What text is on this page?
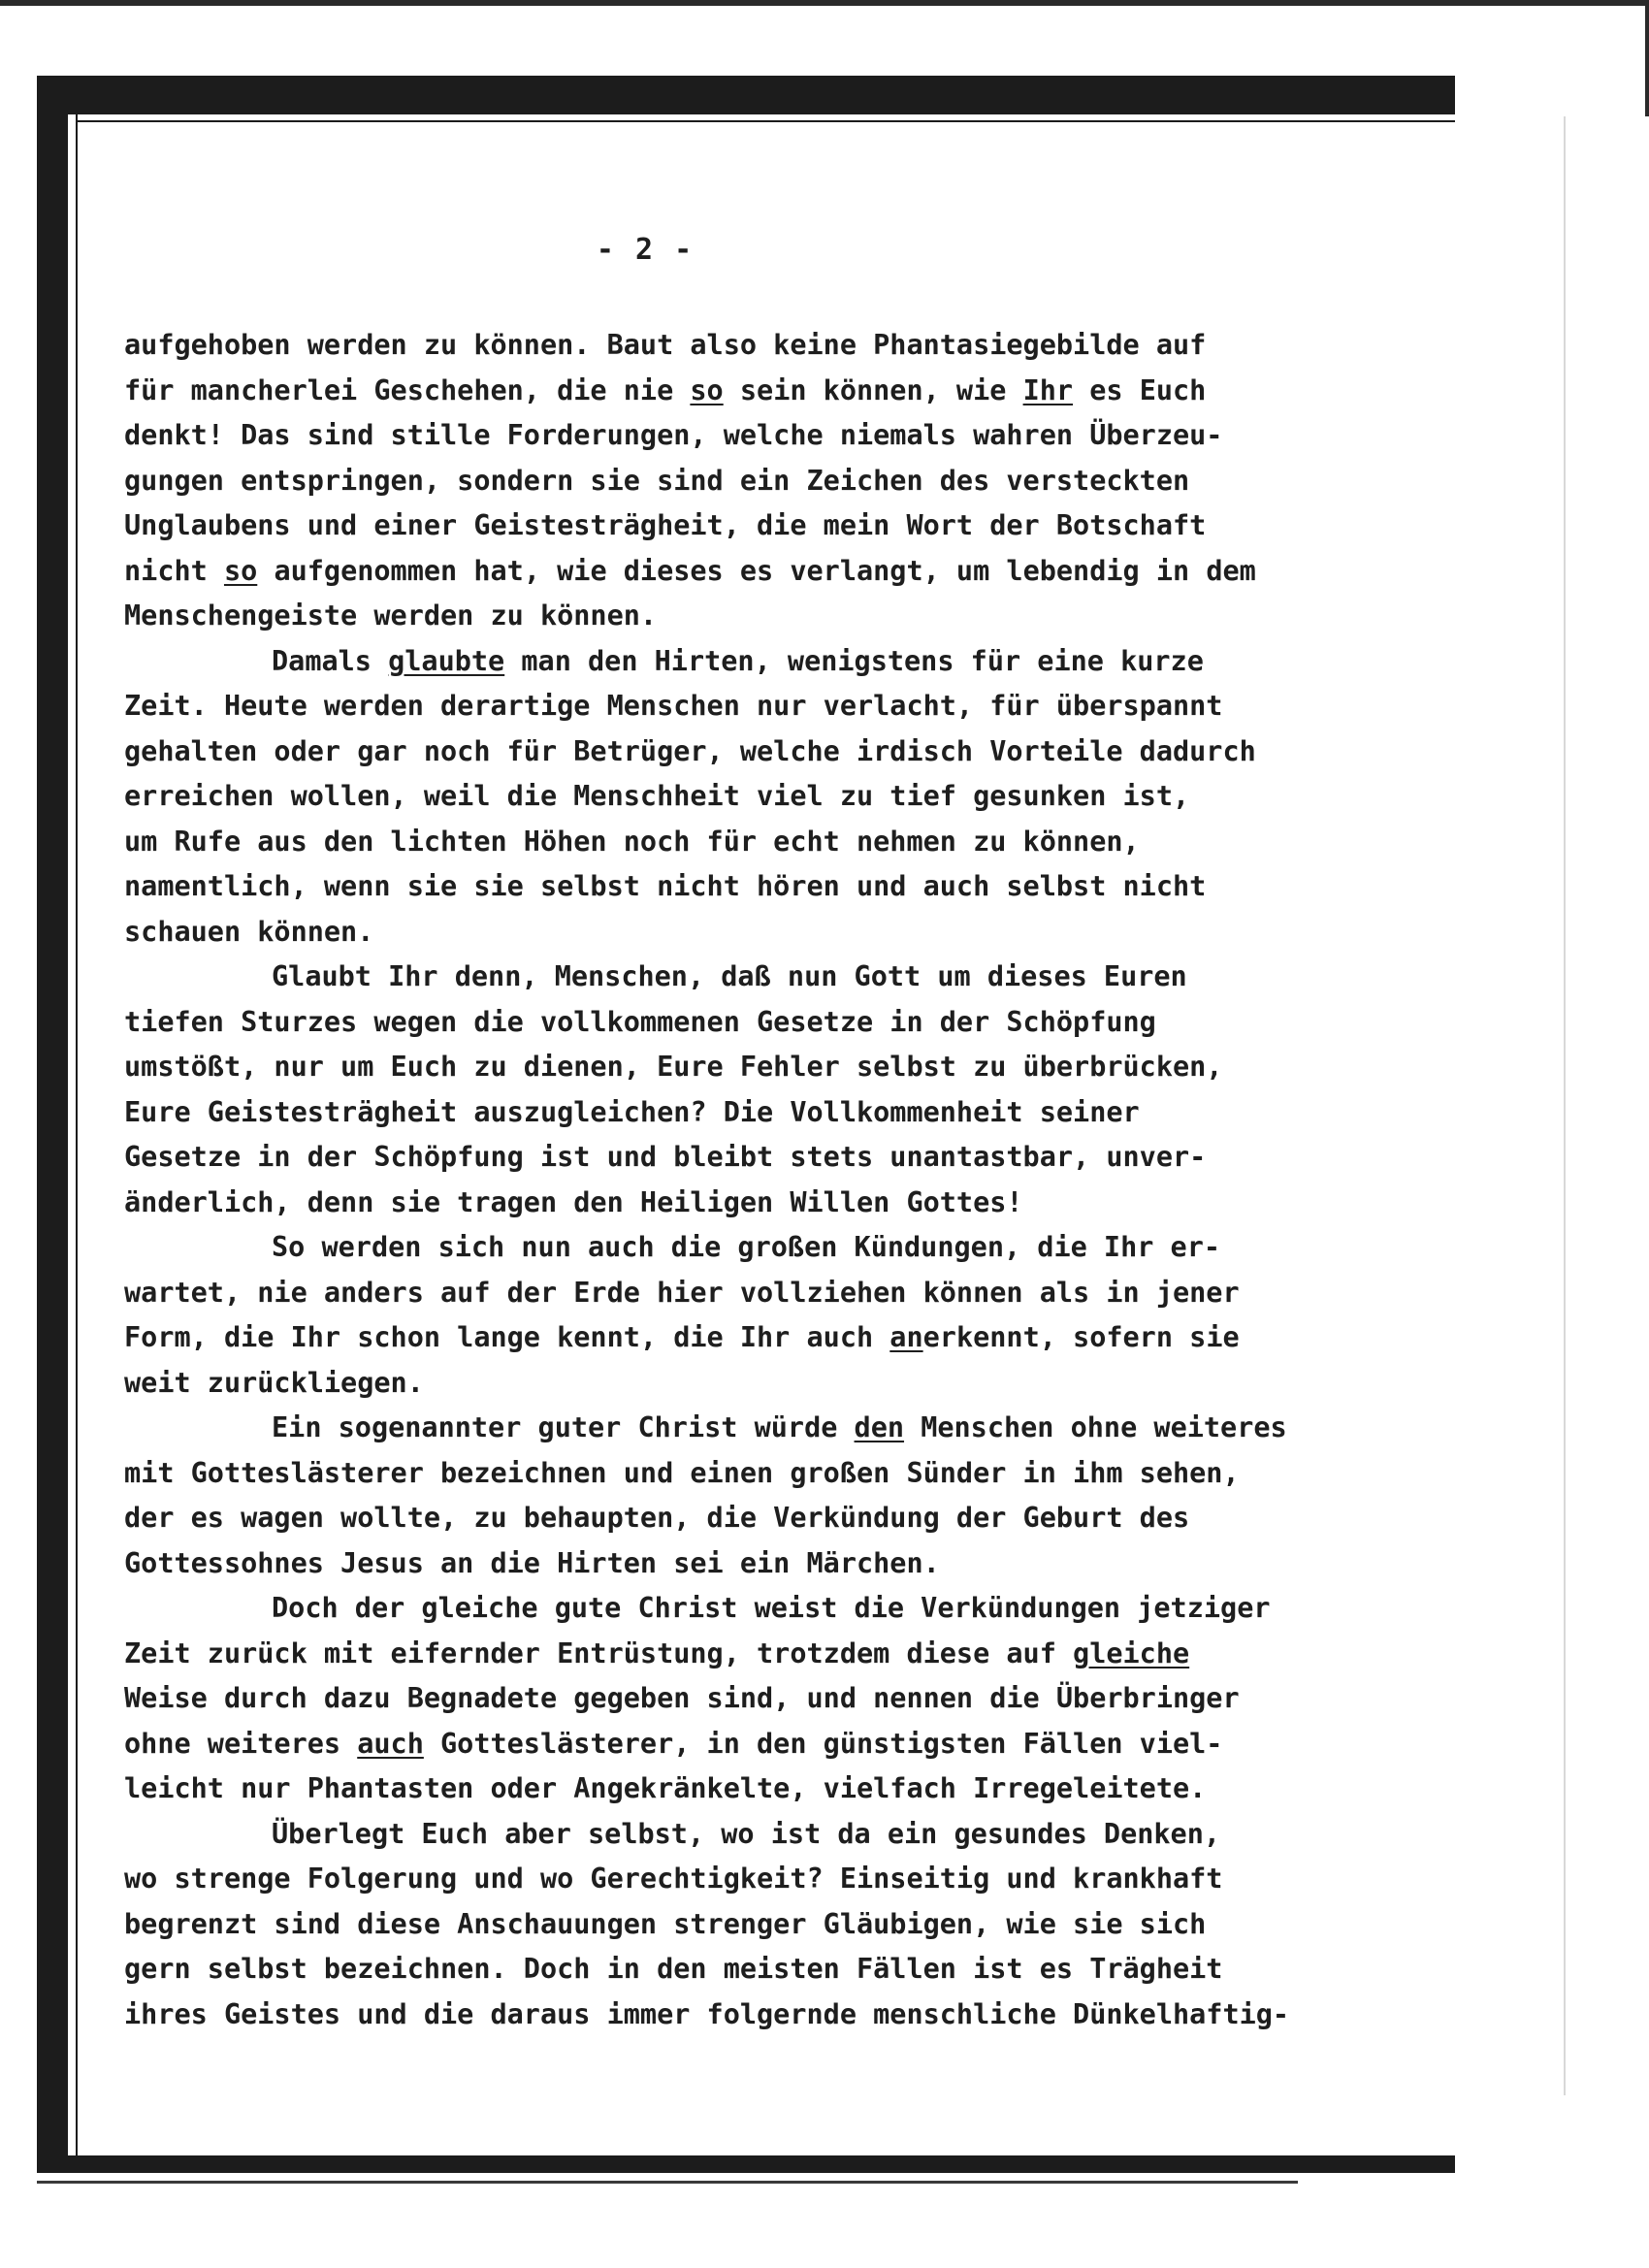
- 2 -
aufgehoben werden zu können. Baut also keine Phantasiegebilde auf
für mancherlei Geschehen, die nie so sein können, wie Ihr es Euch
denkt! Das sind stille Forderungen, welche niemals wahren Überzeu-
gungen entspringen, sondern sie sind ein Zeichen des versteckten
Unglaubens und einer Geistesträgheit, die mein Wort der Botschaft
nicht so aufgenommen hat, wie dieses es verlangt, um lebendig in dem
Menschengeiste werden zu können.
Damals glaubte man den Hirten, wenigstens für eine kurze
Zeit. Heute werden derartige Menschen nur verlacht, für überspannt
gehalten oder gar noch für Betrüger, welche irdisch Vorteile dadurch
erreichen wollen, weil die Menschheit viel zu tief gesunken ist,
um Rufe aus den lichten Höhen noch für echt nehmen zu können,
namentlich, wenn sie sie selbst nicht hören und auch selbst nicht
schauen können.
Glaubt Ihr denn, Menschen, daß nun Gott um dieses Euren
tiefen Sturzes wegen die vollkommenen Gesetze in der Schöpfung
umstößt, nur um Euch zu dienen, Eure Fehler selbst zu überbrücken,
Eure Geistesträgheit auszugleichen? Die Vollkommenheit seiner
Gesetze in der Schöpfung ist und bleibt stets unantastbar, unver-
änderlich, denn sie tragen den Heiligen Willen Gottes!
So werden sich nun auch die großen Kündungen, die Ihr er-
wartet, nie anders auf der Erde hier vollziehen können als in jener
Form, die Ihr schon lange kennt, die Ihr auch anerkennt, sofern sie
weit zurückliegen.
Ein sogenannter guter Christ würde den Menschen ohne weiteres
mit Gotteslästerer bezeichnen und einen großen Sünder in ihm sehen,
der es wagen wollte, zu behaupten, die Verkündung der Geburt des
Gottessohnes Jesus an die Hirten sei ein Märchen.
Doch der gleiche gute Christ weist die Verkündungen jetziger
Zeit zurück mit eifernder Entrüstung, trotzdem diese auf gleiche
Weise durch dazu Begnadete gegeben sind, und nennen die Überbringer
ohne weiteres auch Gotteslästerer, in den günstigsten Fällen viel-
leicht nur Phantasten oder Angekränkelte, vielfach Irregeleitete.
Überlegt Euch aber selbst, wo ist da ein gesundes Denken,
wo strenge Folgerung und wo Gerechtigkeit? Einseitig und krankhaft
begrenzt sind diese Anschauungen strenger Gläubigen, wie sie sich
gern selbst bezeichnen. Doch in den meisten Fällen ist es Trägheit
ihres Geistes und die daraus immer folgernde menschliche Dünkelhaftig-
